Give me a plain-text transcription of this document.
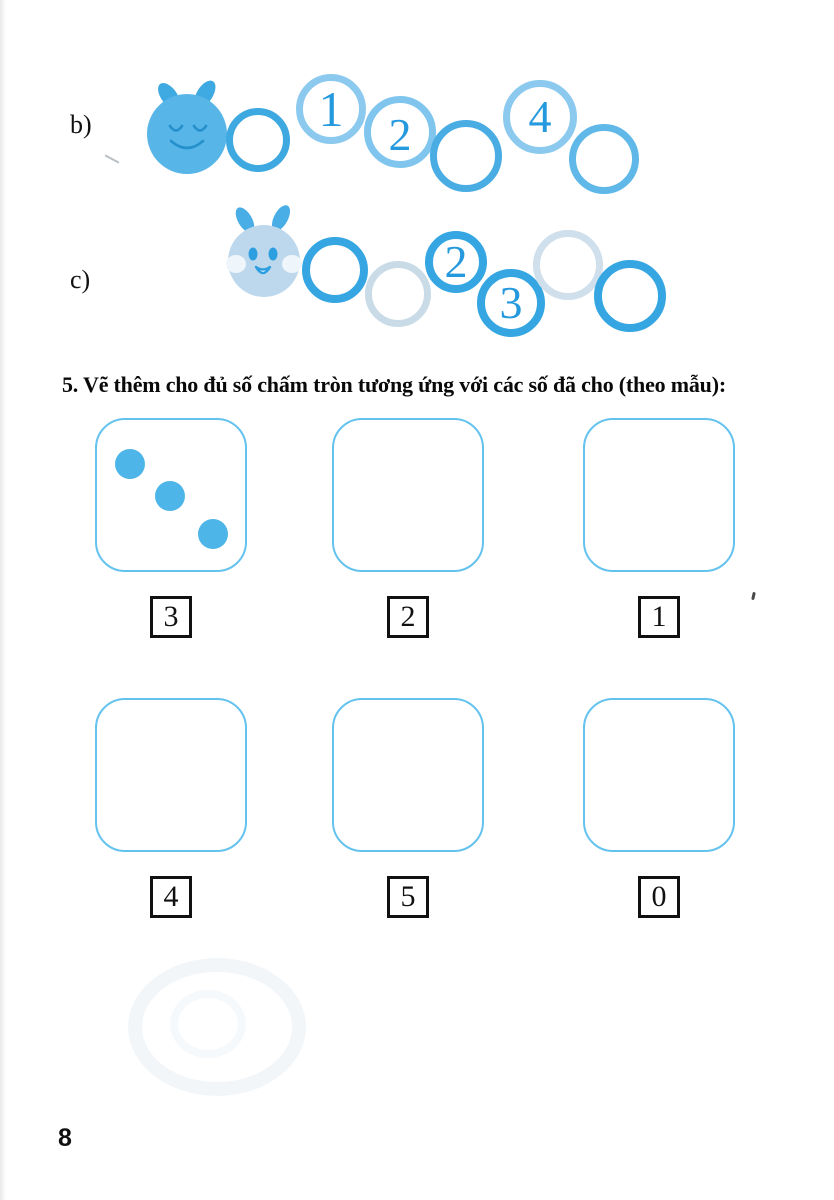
b)	1 2	4
c)	2
3
5. Vẽ thêm cho đủ số chấm tròn tương ứng với các số đã cho (theo mẫu):
3	2	1
4	5	0
8
